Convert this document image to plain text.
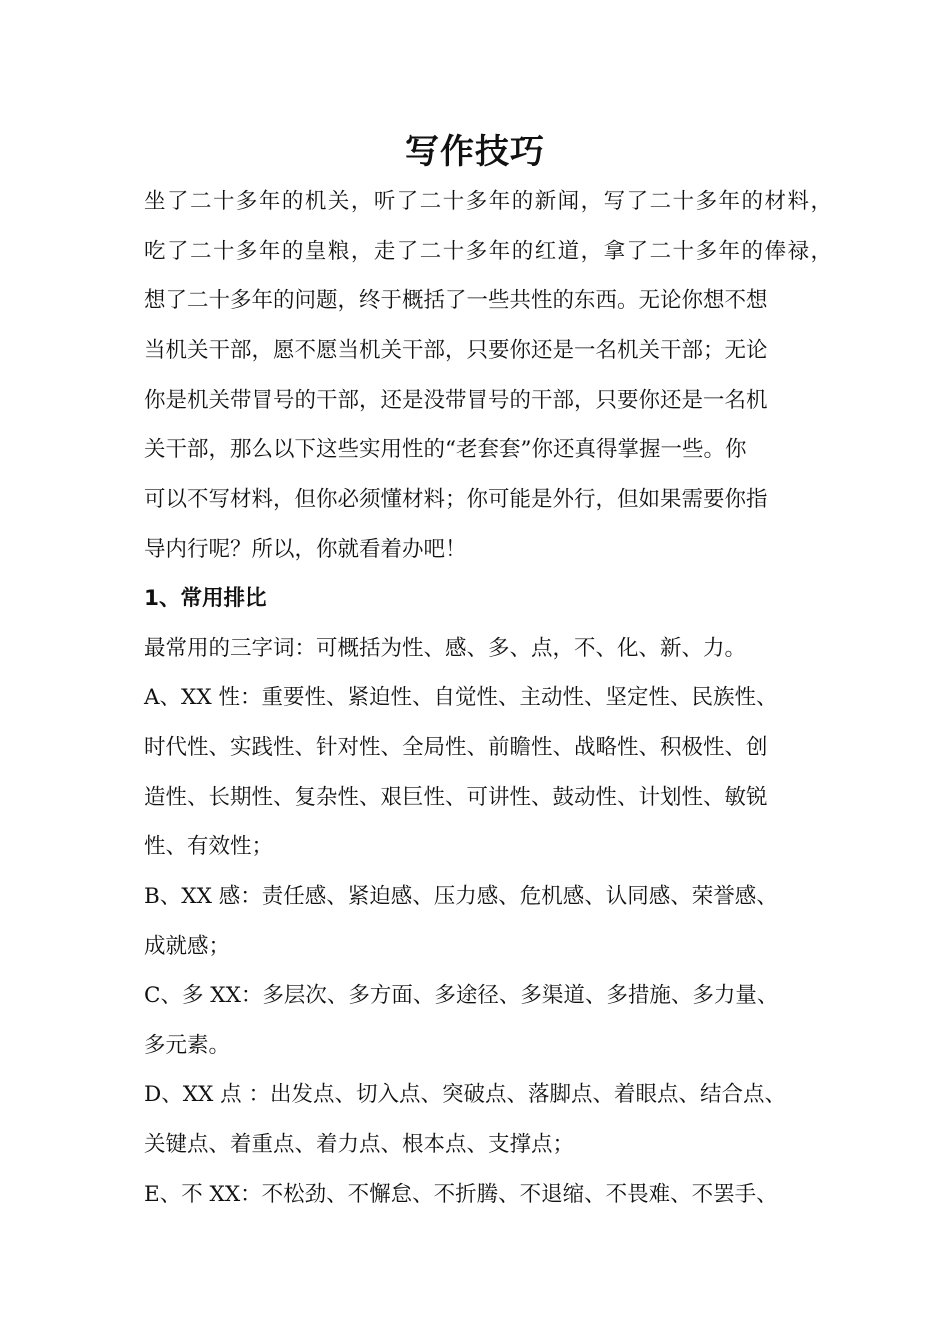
写作技巧
坐了二十多年的机关，听了二十多年的新闻，写了二十多年的材料，
吃了二十多年的皇粮，走了二十多年的红道，拿了二十多年的俸禄，
想了二十多年的问题，终于概括了一些共性的东西。无论你想不想
当机关干部，愿不愿当机关干部，只要你还是一名机关干部；无论
你是机关带冒号的干部，还是没带冒号的干部，只要你还是一名机
关干部，那么以下这些实用性的“老套套”你还真得掌握一些。你
可以不写材料，但你必须懂材料；你可能是外行，但如果需要你指
导内行呢？所以，你就看着办吧！
1、常用排比
最常用的三字词：可概括为性、感、多、点，不、化、新、力。
A、XX 性：重要性、紧迫性、自觉性、主动性、坚定性、民族性、
时代性、实践性、针对性、全局性、前瞻性、战略性、积极性、创
造性、长期性、复杂性、艰巨性、可讲性、鼓动性、计划性、敏锐
性、有效性；
B、XX 感：责任感、紧迫感、压力感、危机感、认同感、荣誉感、
成就感；
C、多 XX：多层次、多方面、多途径、多渠道、多措施、多力量、
多元素。
D、XX 点 ：出发点、切入点、突破点、落脚点、着眼点、结合点、
关键点、着重点、着力点、根本点、支撑点；
E、不 XX：不松劲、不懈怠、不折腾、不退缩、不畏难、不罢手、
